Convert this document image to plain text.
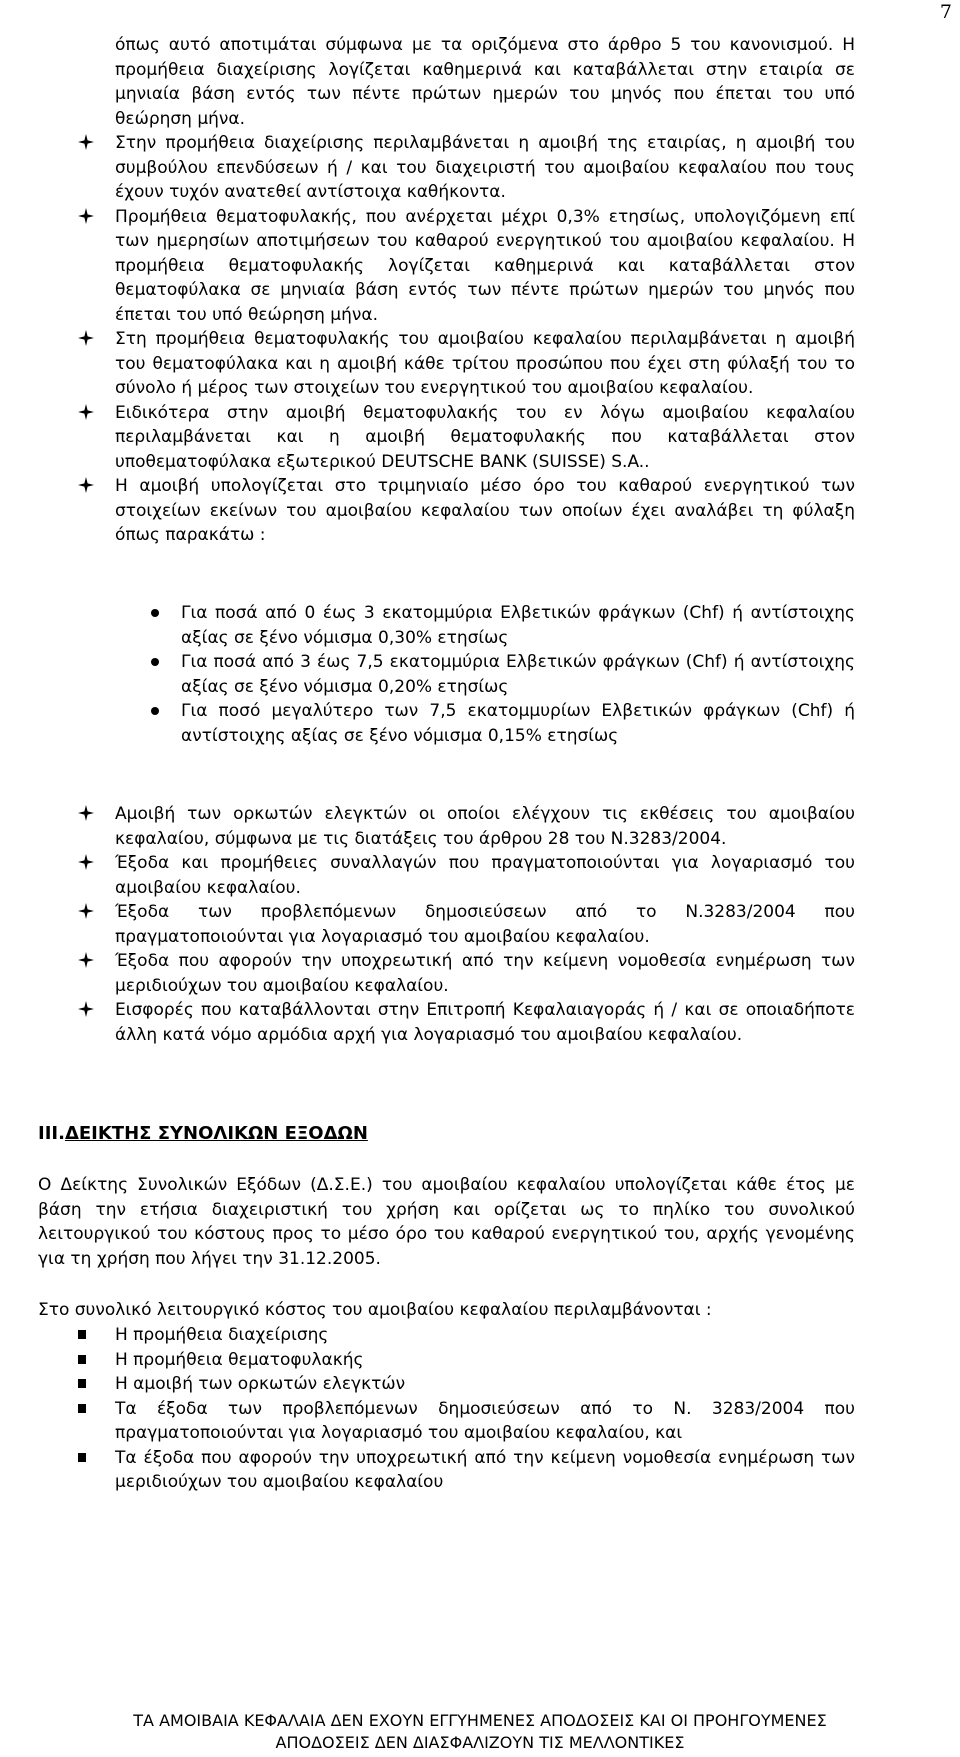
7
όπως αυτό αποτιμάται σύμφωνα με τα οριζόμενα στο άρθρο 5 του κανονισμού. Η προμήθεια διαχείρισης λογίζεται καθημερινά και καταβάλλεται στην εταιρία σε μηνιαία βάση εντός των πέντε πρώτων ημερών του μηνός που έπεται του υπό θεώρηση μήνα.
Στην προμήθεια διαχείρισης περιλαμβάνεται η αμοιβή της εταιρίας, η αμοιβή του συμβούλου επενδύσεων ή / και του διαχειριστή του αμοιβαίου κεφαλαίου που τους έχουν τυχόν ανατεθεί αντίστοιχα καθήκοντα.
Προμήθεια θεματοφυλακής, που ανέρχεται μέχρι 0,3% ετησίως, υπολογιζόμενη επί των ημερησίων αποτιμήσεων του καθαρού ενεργητικού του αμοιβαίου κεφαλαίου. Η προμήθεια θεματοφυλακής λογίζεται καθημερινά και καταβάλλεται στον θεματοφύλακα σε μηνιαία βάση εντός των πέντε πρώτων ημερών του μηνός που έπεται του υπό θεώρηση μήνα.
Στη προμήθεια θεματοφυλακής του αμοιβαίου κεφαλαίου περιλαμβάνεται η αμοιβή του θεματοφύλακα και η αμοιβή κάθε τρίτου προσώπου που έχει στη φύλαξή του το σύνολο ή μέρος των στοιχείων του ενεργητικού του αμοιβαίου κεφαλαίου.
Ειδικότερα στην αμοιβή θεματοφυλακής του εν λόγω αμοιβαίου κεφαλαίου περιλαμβάνεται και η αμοιβή θεματοφυλακής που καταβάλλεται στον υποθεματοφύλακα εξωτερικού DEUTSCHE BANK (SUISSE) S.A..
Η αμοιβή υπολογίζεται στο τριμηνιαίο μέσο όρο του καθαρού ενεργητικού των στοιχείων εκείνων του αμοιβαίου κεφαλαίου των οποίων έχει αναλάβει τη φύλαξη όπως παρακάτω :
Για ποσά από 0 έως 3 εκατομμύρια Ελβετικών φράγκων (Chf) ή αντίστοιχης αξίας σε ξένο νόμισμα 0,30% ετησίως
Για ποσά από 3 έως 7,5 εκατομμύρια Ελβετικών φράγκων (Chf) ή αντίστοιχης αξίας σε ξένο νόμισμα 0,20% ετησίως
Για ποσό μεγαλύτερο των 7,5 εκατομμυρίων Ελβετικών φράγκων (Chf) ή αντίστοιχης αξίας σε ξένο νόμισμα 0,15% ετησίως
Αμοιβή των ορκωτών ελεγκτών οι οποίοι ελέγχουν τις εκθέσεις του αμοιβαίου κεφαλαίου, σύμφωνα με τις διατάξεις του άρθρου 28 του Ν.3283/2004.
Έξοδα και προμήθειες συναλλαγών που πραγματοποιούνται για λογαριασμό του αμοιβαίου κεφαλαίου.
Έξοδα των προβλεπόμενων δημοσιεύσεων από το Ν.3283/2004 που πραγματοποιούνται για λογαριασμό του αμοιβαίου κεφαλαίου.
Έξοδα που αφορούν την υποχρεωτική από την κείμενη νομοθεσία ενημέρωση των μεριδιούχων του αμοιβαίου κεφαλαίου.
Εισφορές που καταβάλλονται στην Επιτροπή Κεφαλαιαγοράς ή / και σε οποιαδήποτε άλλη κατά νόμο αρμόδια αρχή για λογαριασμό του αμοιβαίου κεφαλαίου.
III.ΔΕΙΚΤΗΣ ΣΥΝΟΛΙΚΩΝ ΕΞΟΔΩΝ
Ο Δείκτης Συνολικών Εξόδων (Δ.Σ.Ε.) του αμοιβαίου κεφαλαίου υπολογίζεται κάθε έτος με βάση την ετήσια διαχειριστική του χρήση και ορίζεται ως το πηλίκο του συνολικού λειτουργικού του κόστους προς το μέσο όρο του καθαρού ενεργητικού του, αρχής γενομένης για τη χρήση που λήγει την 31.12.2005.
Στο συνολικό λειτουργικό κόστος του αμοιβαίου κεφαλαίου περιλαμβάνονται :
Η προμήθεια διαχείρισης
Η προμήθεια θεματοφυλακής
Η αμοιβή των ορκωτών ελεγκτών
Τα έξοδα των προβλεπόμενων δημοσιεύσεων από το Ν. 3283/2004 που πραγματοποιούνται για λογαριασμό του αμοιβαίου κεφαλαίου, και
Τα έξοδα που αφορούν την υποχρεωτική από την κείμενη νομοθεσία ενημέρωση των μεριδιούχων του αμοιβαίου κεφαλαίου
ΤΑ ΑΜΟΙΒΑΙΑ ΚΕΦΑΛΑΙΑ ΔΕΝ ΕΧΟΥΝ ΕΓΓΥΗΜΕΝΕΣ ΑΠΟΔΟΣΕΙΣ ΚΑΙ ΟΙ ΠΡΟΗΓΟΥΜΕΝΕΣ
ΑΠΟΔΟΣΕΙΣ ΔΕΝ ΔΙΑΣΦΑΛΙΖΟΥΝ ΤΙΣ ΜΕΛΛΟΝΤΙΚΕΣ
